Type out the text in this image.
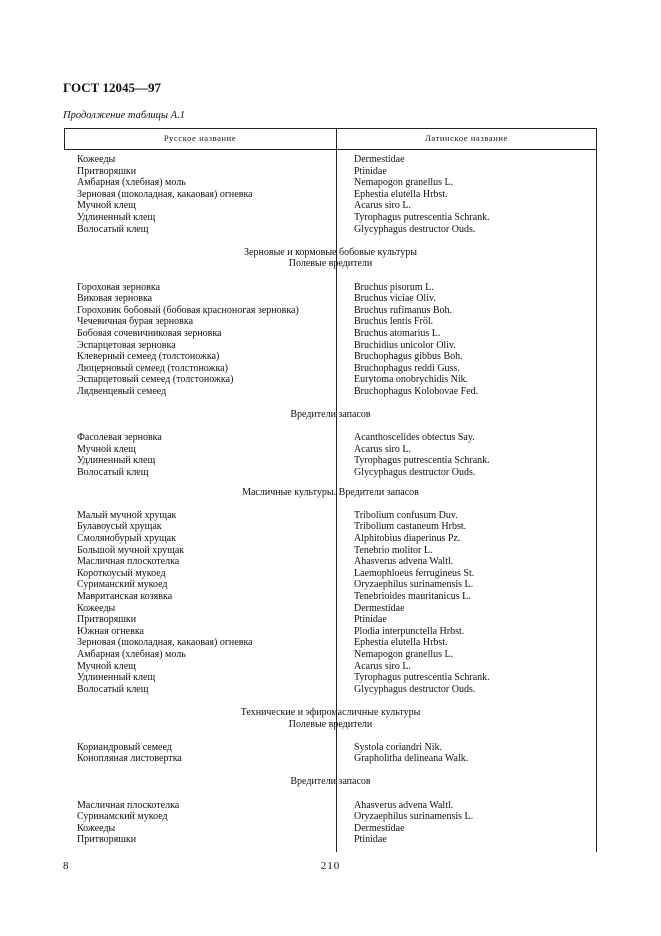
ГОСТ 12045—97
Продолжение таблицы А.1
Русское название	Латинское название
Кожееды	Dermestidae
Притворяшки	Ptinidae
Амбарная (хлебная) моль	Nemapogon granellus L.
Зерновая (шоколадная, какаовая) огневка	Ephestia elutella Hrbst.
Мучной клещ	Acarus siro L.
Удлиненный клещ	Tyrophagus putrescentia Schrank.
Волосатый клещ	Glycyphagus destructor Ouds.
Зерновые и кормовые бобовые культуры
Полевые вредители
Гороховая зерновка	Bruchus pisorum L.
Виковая зерновка	Bruchus viciae Oliv.
Гороховик бобовый (бобовая красноногая зерновка)	Bruchus rufimanus Boh.
Чечевичная бурая зерновка	Bruchus lentis Fröl.
Бобовая сочевичниковая зерновка	Bruchus atomarius L.
Эспарцетовая зерновка	Bruchidius unicolor Oliv.
Клеверный семеед (толстоножка)	Bruchophagus gibbus Boh.
Люцерновый семеед (толстоножка)	Bruchophagus reddi Guss.
Эспарцетовый семеед (толстоножка)	Eurytoma onobrychidis Nik.
Лядвенцевый семеед	Bruchophagus Kolobovae Fed.
Вредители запасов
Фасолевая зерновка	Acanthoscelides obtectus Say.
Мучной клещ	Acarus siro L.
Удлиненный клещ	Tyrophagus putrescentia Schrank.
Волосатый клещ	Glycyphagus destructor Ouds.
Масличные культуры. Вредители запасов
Малый мучной хрущак	Tribolium confusum Duv.
Булавоусый хрущак	Tribolium castaneum Hrbst.
Смолянобурый хрущак	Alphitobius diaperinus Pz.
Большой мучной хрущак	Tenebrio molitor L.
Масличная плоскотелка	Ahasverus advena Waltl.
Короткоусый мукоед	Laemophloeus ferrugineus St.
Суриманский мукоед	Oryzaephilus surinamensis L.
Мавританская козявка	Tenebrioides mauritanicus L.
Кожееды	Dermestidae
Притворяшки	Ptinidae
Южная огневка	Plodia interpunctella Hrbst.
Зерновая (шоколадная, какаовая) огневка	Ephestia elutella Hrbst.
Амбарная (хлебная) моль	Nemapogon granellus L.
Мучной клещ	Acarus siro L.
Удлиненный клещ	Tyrophagus putrescentia Schrank.
Волосатый клещ	Glycyphagus destructor Ouds.
Технические и эфиромасличные культуры
Полевые вредители
Кориандровый семеед	Systola coriandri Nik.
Конопляная листовертка	Grapholitha delineana Walk.
Вредители запасов
Масличная плоскотелка	Ahasverus advena Waltl.
Суринамский мукоед	Oryzaephilus surinamensis L.
Кожееды	Dermestidae
Притворяшки	Ptinidae
8	210
